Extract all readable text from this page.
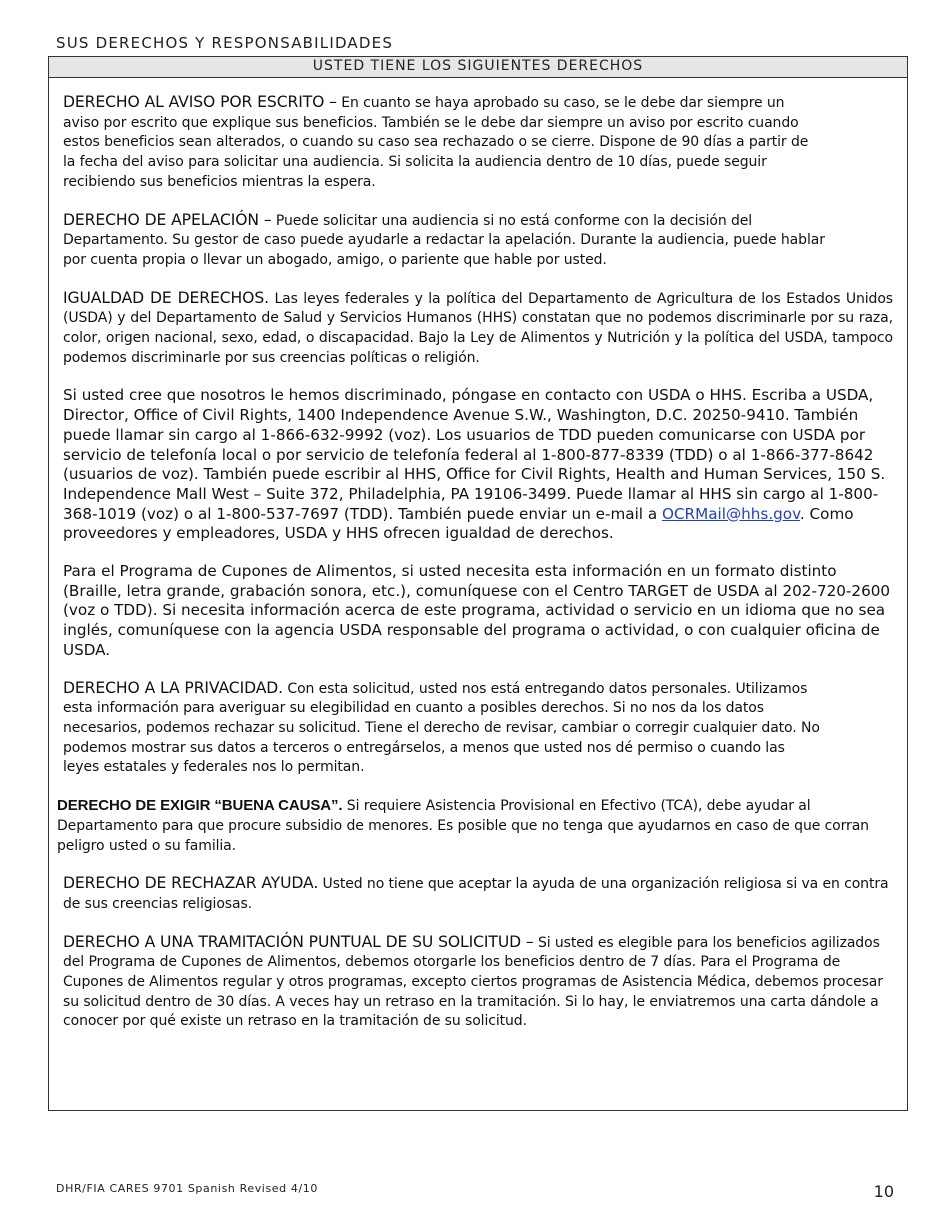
SUS DERECHOS Y RESPONSABILIDADES
USTED TIENE LOS SIGUIENTES DERECHOS

DERECHO AL AVISO POR ESCRITO – En cuanto se haya aprobado su caso, se le debe dar siempre un aviso por escrito que explique sus beneficios. También se le debe dar siempre un aviso por escrito cuando estos beneficios sean alterados, o cuando su caso sea rechazado o se cierre. Dispone de 90 días a partir de la fecha del aviso para solicitar una audiencia. Si solicita la audiencia dentro de 10 días, puede seguir recibiendo sus beneficios mientras la espera.

DERECHO DE APELACIÓN – Puede solicitar una audiencia si no está conforme con la decisión del Departamento. Su gestor de caso puede ayudarle a redactar la apelación. Durante la audiencia, puede hablar por cuenta propia o llevar un abogado, amigo, o pariente que hable por usted.

IGUALDAD DE DERECHOS. Las leyes federales y la política del Departamento de Agricultura de los Estados Unidos (USDA) y del Departamento de Salud y Servicios Humanos (HHS) constatan que no podemos discriminarle por su raza, color, origen nacional, sexo, edad, o discapacidad. Bajo la Ley de Alimentos y Nutrición y la política del USDA, tampoco podemos discriminarle por sus creencias políticas o religión.

Si usted cree que nosotros le hemos discriminado, póngase en contacto con USDA o HHS. Escriba a USDA, Director, Office of Civil Rights, 1400 Independence Avenue S.W., Washington, D.C. 20250-9410. También puede llamar sin cargo al 1-866-632-9992 (voz). Los usuarios de TDD pueden comunicarse con USDA por servicio de telefonía local o por servicio de telefonía federal al 1-800-877-8339 (TDD) o al 1-866-377-8642 (usuarios de voz). También puede escribir al HHS, Office for Civil Rights, Health and Human Services, 150 S. Independence Mall West – Suite 372, Philadelphia, PA 19106-3499. Puede llamar al HHS sin cargo al 1-800-368-1019 (voz) o al 1-800-537-7697 (TDD). También puede enviar un e-mail a OCRMail@hhs.gov. Como proveedores y empleadores, USDA y HHS ofrecen igualdad de derechos.

Para el Programa de Cupones de Alimentos, si usted necesita esta información en un formato distinto (Braille, letra grande, grabación sonora, etc.), comuníquese con el Centro TARGET de USDA al 202-720-2600 (voz o TDD). Si necesita información acerca de este programa, actividad o servicio en un idioma que no sea inglés, comuníquese con la agencia USDA responsable del programa o actividad, o con cualquier oficina de USDA.

DERECHO A LA PRIVACIDAD. Con esta solicitud, usted nos está entregando datos personales. Utilizamos esta información para averiguar su elegibilidad en cuanto a posibles derechos. Si no nos da los datos necesarios, podemos rechazar su solicitud. Tiene el derecho de revisar, cambiar o corregir cualquier dato. No podemos mostrar sus datos a terceros o entregárselos, a menos que usted nos dé permiso o cuando las leyes estatales y federales nos lo permitan.

DERECHO DE EXIGIR “BUENA CAUSA”. Si requiere Asistencia Provisional en Efectivo (TCA), debe ayudar al Departamento para que procure subsidio de menores. Es posible que no tenga que ayudarnos en caso de que corran peligro usted o su familia.

DERECHO DE RECHAZAR AYUDA. Usted no tiene que aceptar la ayuda de una organización religiosa si va en contra de sus creencias religiosas.

DERECHO A UNA TRAMITACIÓN PUNTUAL DE SU SOLICITUD – Si usted es elegible para los beneficios agilizados del Programa de Cupones de Alimentos, debemos otorgarle los beneficios dentro de 7 días. Para el Programa de Cupones de Alimentos regular y otros programas, excepto ciertos programas de Asistencia Médica, debemos procesar su solicitud dentro de 30 días. A veces hay un retraso en la tramitación. Si lo hay, le enviatremos una carta dándole a conocer por qué existe un retraso en la tramitación de su solicitud.

DHR/FIA CARES 9701 Spanish Revised 4/10	10
